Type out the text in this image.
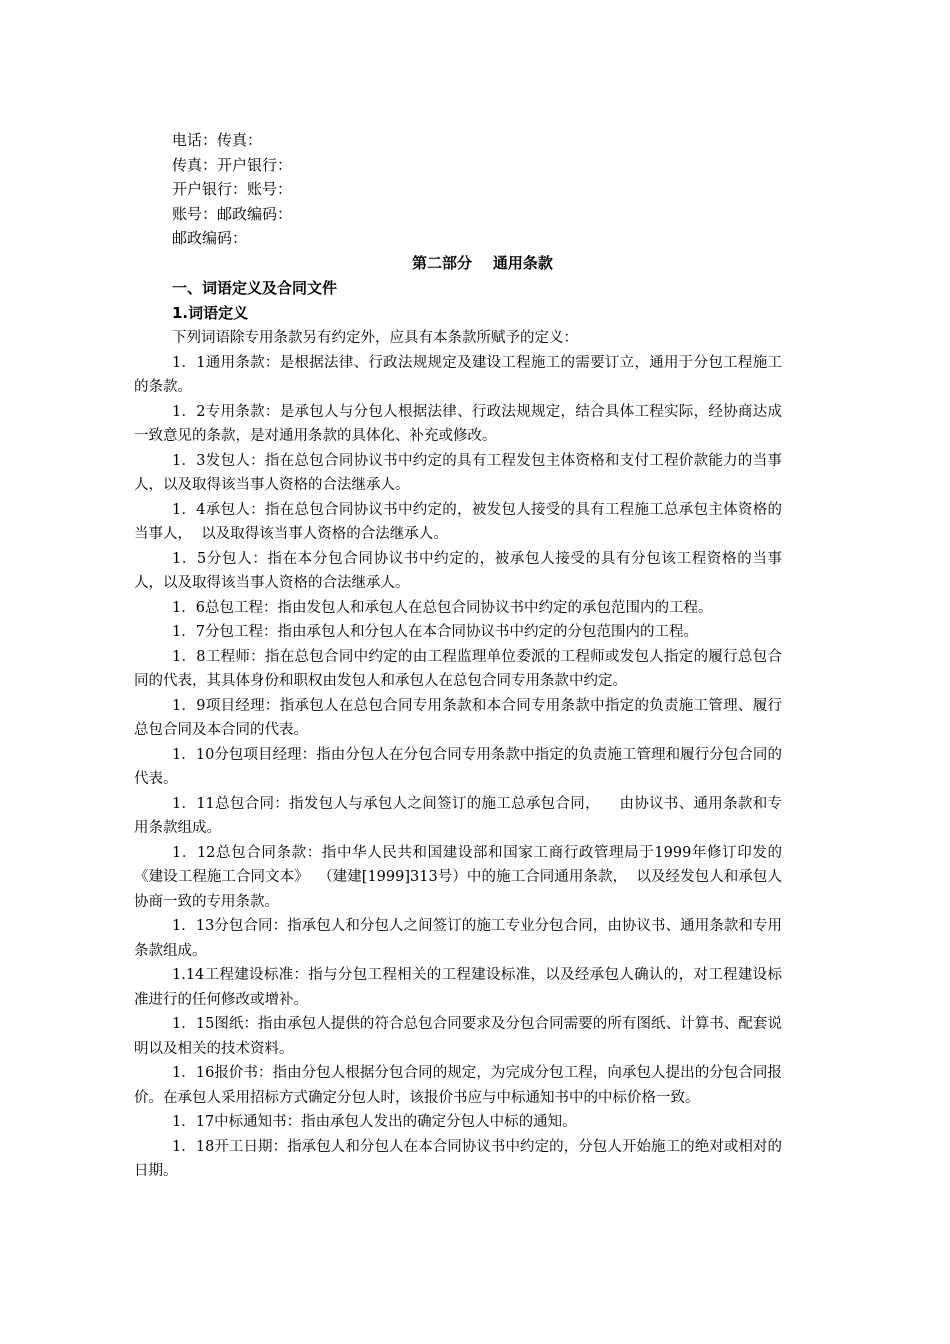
电话：传真：
传真：开户银行：
开户银行：账号：
账号：邮政编码：
邮政编码：
第二部分    通用条款
一、词语定义及合同文件
1.词语定义
下列词语除专用条款另有约定外，应具有本条款所赋予的定义：
1．1通用条款：是根据法律、行政法规规定及建设工程施工的需要订立，通用于分包工程施工的条款。
1．2专用条款：是承包人与分包人根据法律、行政法规规定，结合具体工程实际，经协商达成一致意见的条款，是对通用条款的具体化、补充或修改。
1．3发包人：指在总包合同协议书中约定的具有工程发包主体资格和支付工程价款能力的当事人，以及取得该当事人资格的合法继承人。
1．4承包人：指在总包合同协议书中约定的，被发包人接受的具有工程施工总承包主体资格的当事人，  以及取得该当事人资格的合法继承人。
1．5分包人：指在本分包合同协议书中约定的，被承包人接受的具有分包该工程资格的当事人，以及取得该当事人资格的合法继承人。
1．6总包工程：指由发包人和承包人在总包合同协议书中约定的承包范围内的工程。
1．7分包工程：指由承包人和分包人在本合同协议书中约定的分包范围内的工程。
1．8工程师：指在总包合同中约定的由工程监理单位委派的工程师或发包人指定的履行总包合同的代表，其具体身份和职权由发包人和承包人在总包合同专用条款中约定。
1．9项目经理：指承包人在总包合同专用条款和本合同专用条款中指定的负责施工管理、履行总包合同及本合同的代表。
1．10分包项目经理：指由分包人在分包合同专用条款中指定的负责施工管理和履行分包合同的代表。
1．11总包合同：指发包人与承包人之间签订的施工总承包合同，    由协议书、通用条款和专用条款组成。
1．12总包合同条款：指中华人民共和国建设部和国家工商行政管理局于1999年修订印发的《建设工程施工合同文本》  （建建[1999]313号）中的施工合同通用条款，  以及经发包人和承包人协商一致的专用条款。
1．13分包合同：指承包人和分包人之间签订的施工专业分包合同，由协议书、通用条款和专用条款组成。
1.14工程建设标准：指与分包工程相关的工程建设标准，以及经承包人确认的，对工程建设标准进行的任何修改或增补。
1．15图纸：指由承包人提供的符合总包合同要求及分包合同需要的所有图纸、计算书、配套说明以及相关的技术资料。
1．16报价书：指由分包人根据分包合同的规定，为完成分包工程，向承包人提出的分包合同报价。在承包人采用招标方式确定分包人时，该报价书应与中标通知书中的中标价格一致。
1．17中标通知书：指由承包人发出的确定分包人中标的通知。
1．18开工日期：指承包人和分包人在本合同协议书中约定的，分包人开始施工的绝对或相对的日期。
